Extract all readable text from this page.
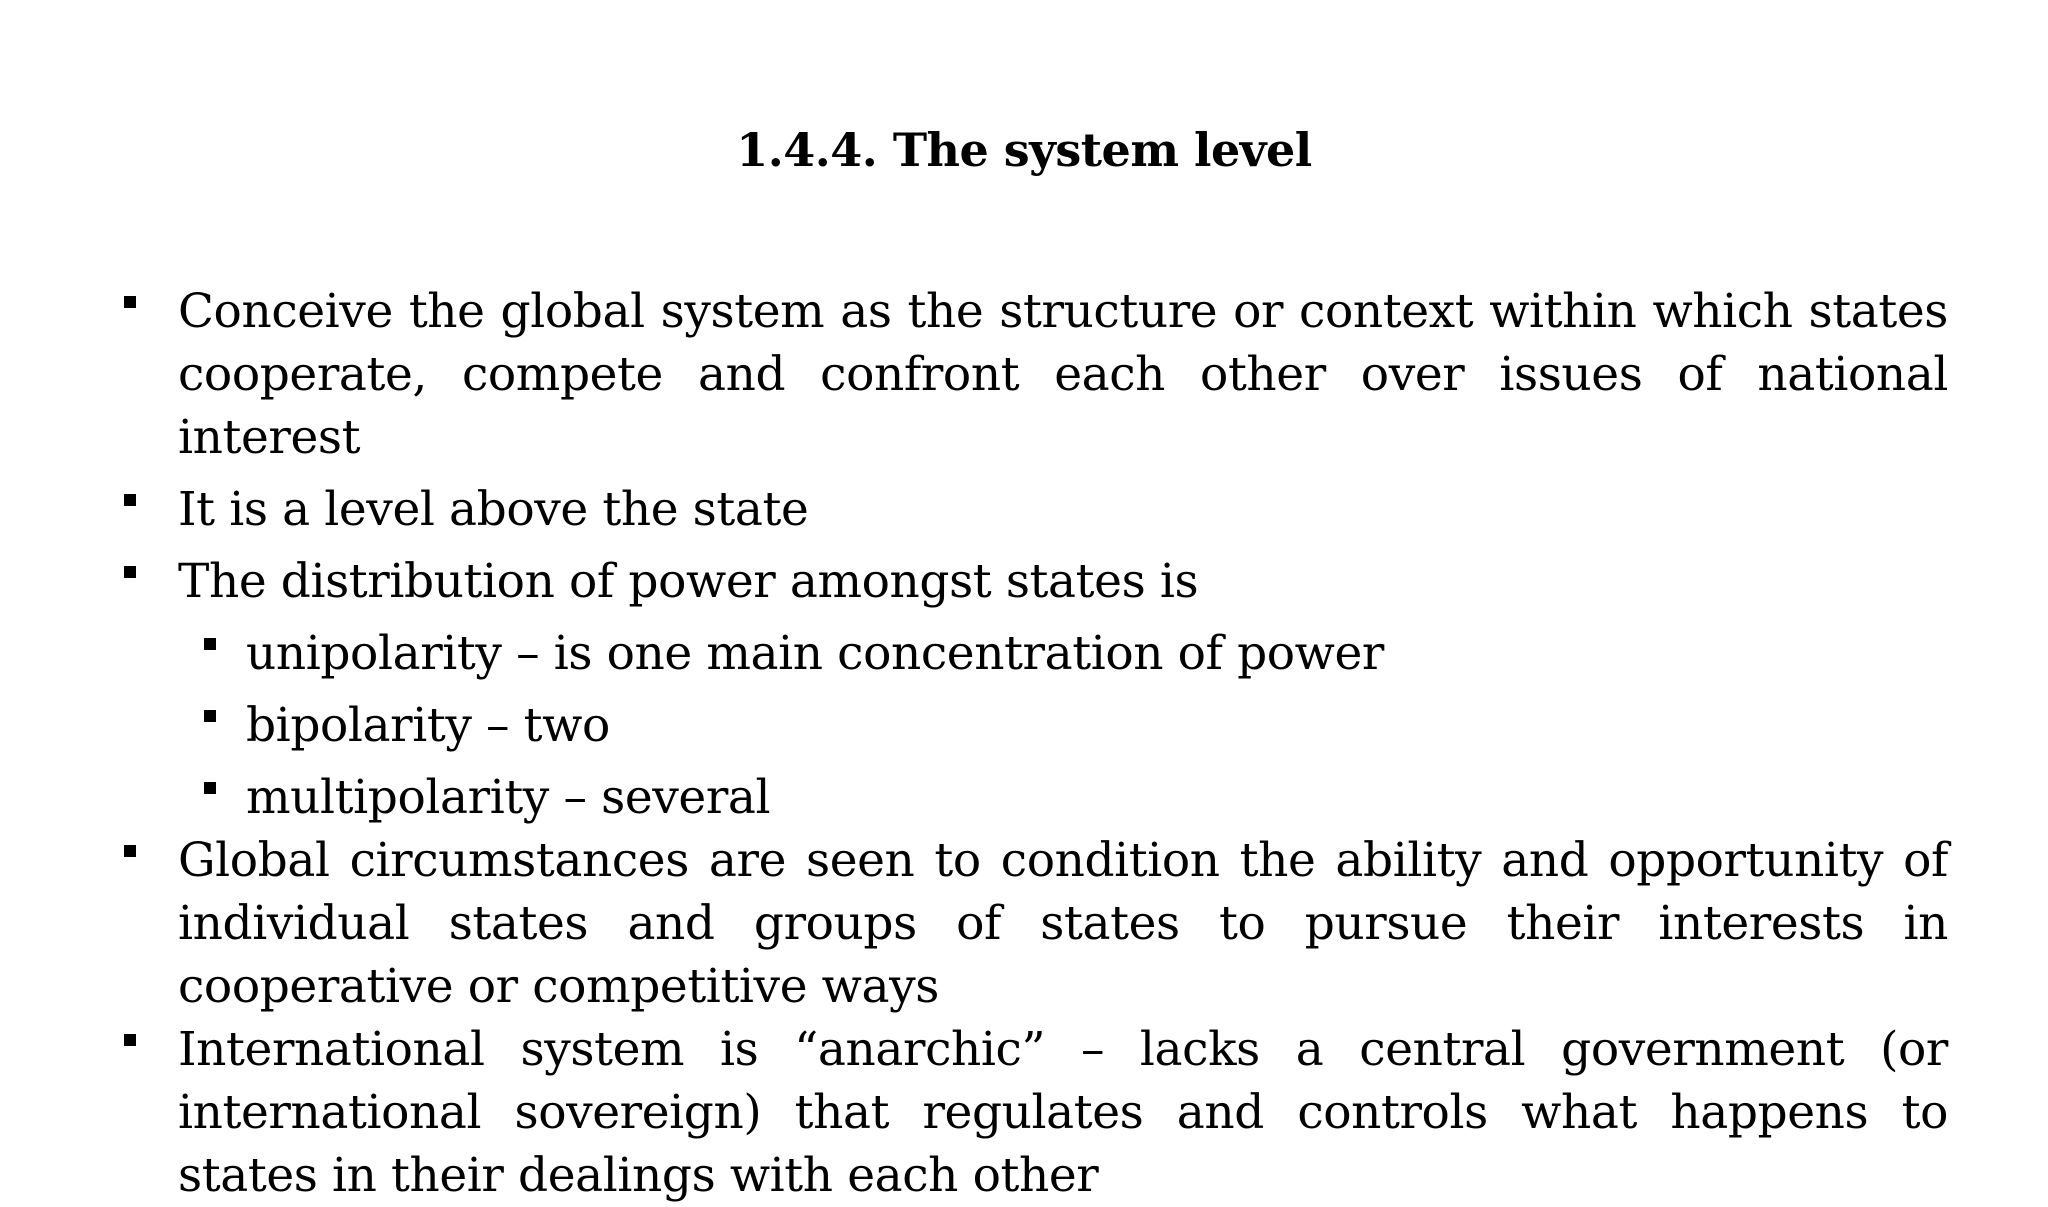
1.4.4. The system level
Conceive the global system as the structure or context within which states cooperate, compete and confront each other over issues of national interest
It is a level above the state
The distribution of power amongst states is
unipolarity – is one main concentration of power
bipolarity – two
multipolarity – several
Global circumstances are seen to condition the ability and opportunity of individual states and groups of states to pursue their interests in cooperative or competitive ways
International system is “anarchic” – lacks a central government (or international sovereign) that regulates and controls what happens to states in their dealings with each other
